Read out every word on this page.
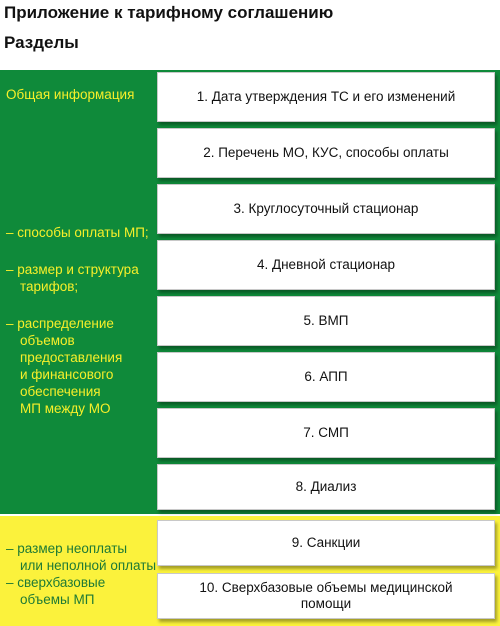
Приложение к тарифному соглашению
Разделы

Общая информация

– способы оплаты МП;

– размер и структура
тарифов;

– распределение
объемов
предоставления
и финансового
обеспечения
МП между МО

– размер неоплаты
или неполной оплаты

– сверхбазовые
объемы МП

1. Дата утверждения ТС и его изменений
2. Перечень МО, КУС, способы оплаты
3. Круглосуточный стационар
4. Дневной стационар
5. ВМП
6. АПП
7. СМП
8. Диализ
9. Санкции
10. Сверхбазовые объемы медицинской
помощи
